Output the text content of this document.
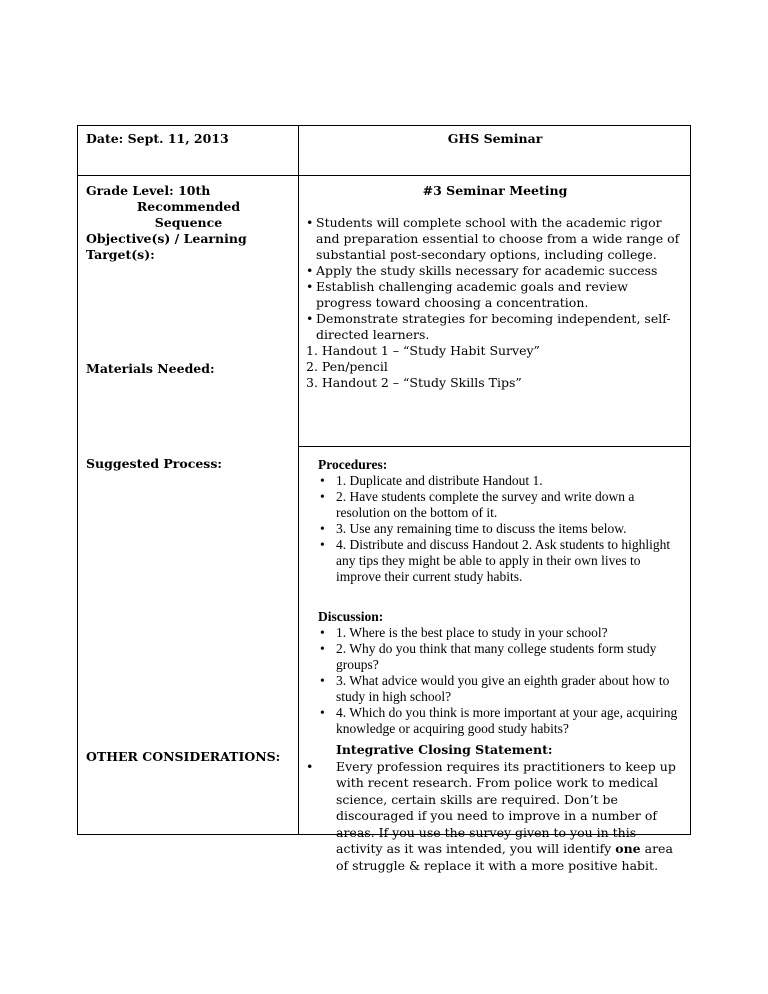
Date: Sept. 11, 2013
Grade Level: 10th
Recommended
Sequence
Objective(s) / Learning Target(s):
Materials Needed:
Suggested Process:
OTHER CONSIDERATIONS:
GHS Seminar
#3 Seminar Meeting
• Students will complete school with the academic rigor and preparation essential to choose from a wide range of substantial post-secondary options, including college.
• Apply the study skills necessary for academic success
• Establish challenging academic goals and review progress toward choosing a concentration.
• Demonstrate strategies for becoming independent, self-directed learners.
1. Handout 1 – “Study Habit Survey”
2. Pen/pencil
3. Handout 2 – “Study Skills Tips”
Procedures:
• 1. Duplicate and distribute Handout 1.
• 2. Have students complete the survey and write down a resolution on the bottom of it.
• 3. Use any remaining time to discuss the items below.
• 4. Distribute and discuss Handout 2. Ask students to highlight any tips they might be able to apply in their own lives to improve their current study habits.
Discussion:
• 1. Where is the best place to study in your school?
• 2. Why do you think that many college students form study groups?
• 3. What advice would you give an eighth grader about how to study in high school?
• 4. Which do you think is more important at your age, acquiring knowledge or acquiring good study habits?
Integrative Closing Statement:
• Every profession requires its practitioners to keep up with recent research. From police work to medical science, certain skills are required. Don’t be discouraged if you need to improve in a number of areas. If you use the survey given to you in this activity as it was intended, you will identify one area of struggle & replace it with a more positive habit.
